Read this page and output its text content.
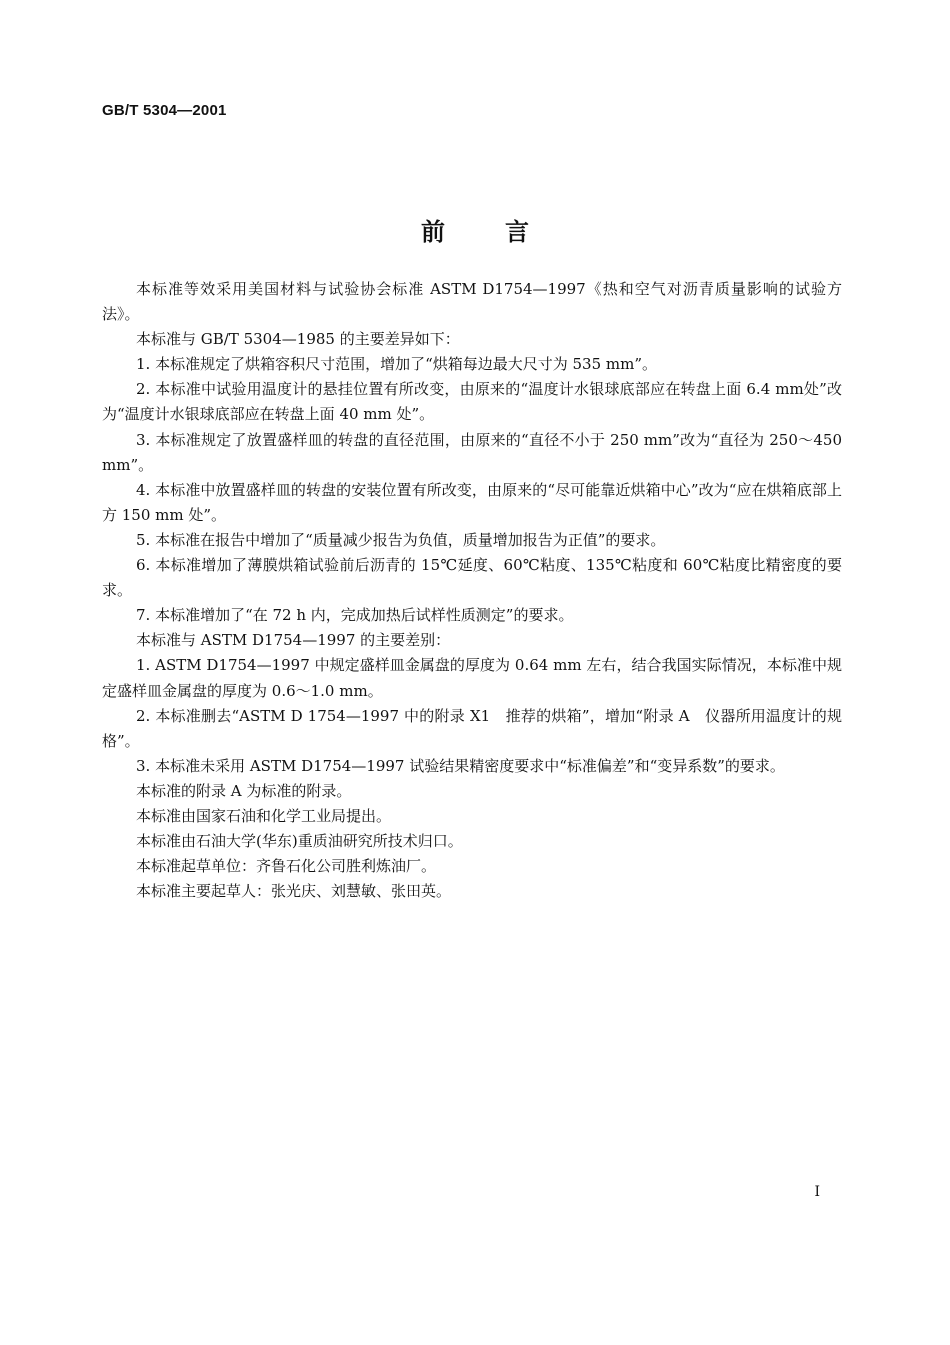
GB/T 5304—2001
前言

本标准等效采用美国材料与试验协会标准 ASTM D1754—1997《热和空气对沥青质量影响的试验方法》。

本标准与 GB/T 5304—1985 的主要差异如下：

1. 本标准规定了烘箱容积尺寸范围，增加了“烘箱每边最大尺寸为 535 mm”。

2. 本标准中试验用温度计的悬挂位置有所改变，由原来的“温度计水银球底部应在转盘上面 6.4 mm处”改为“温度计水银球底部应在转盘上面 40 mm 处”。

3. 本标准规定了放置盛样皿的转盘的直径范围，由原来的“直径不小于 250 mm”改为“直径为 250～450 mm”。

4. 本标准中放置盛样皿的转盘的安装位置有所改变，由原来的“尽可能靠近烘箱中心”改为“应在烘箱底部上方 150 mm 处”。

5. 本标准在报告中增加了“质量减少报告为负值，质量增加报告为正值”的要求。

6. 本标准增加了薄膜烘箱试验前后沥青的 15℃延度、60℃粘度、135℃粘度和 60℃粘度比精密度的要求。

7. 本标准增加了“在 72 h 内，完成加热后试样性质测定”的要求。

本标准与 ASTM D1754—1997 的主要差别：

1. ASTM D1754—1997 中规定盛样皿金属盘的厚度为 0.64 mm 左右，结合我国实际情况，本标准中规定盛样皿金属盘的厚度为 0.6～1.0 mm。

2. 本标准删去“ASTM D 1754—1997 中的附录 X1　推荐的烘箱”，增加“附录 A　仪器所用温度计的规格”。

3. 本标准未采用 ASTM D1754—1997 试验结果精密度要求中“标准偏差”和“变异系数”的要求。

本标准的附录 A 为标准的附录。

本标准由国家石油和化学工业局提出。

本标准由石油大学(华东)重质油研究所技术归口。

本标准起草单位：齐鲁石化公司胜利炼油厂。

本标准主要起草人：张光庆、刘慧敏、张田英。

I
